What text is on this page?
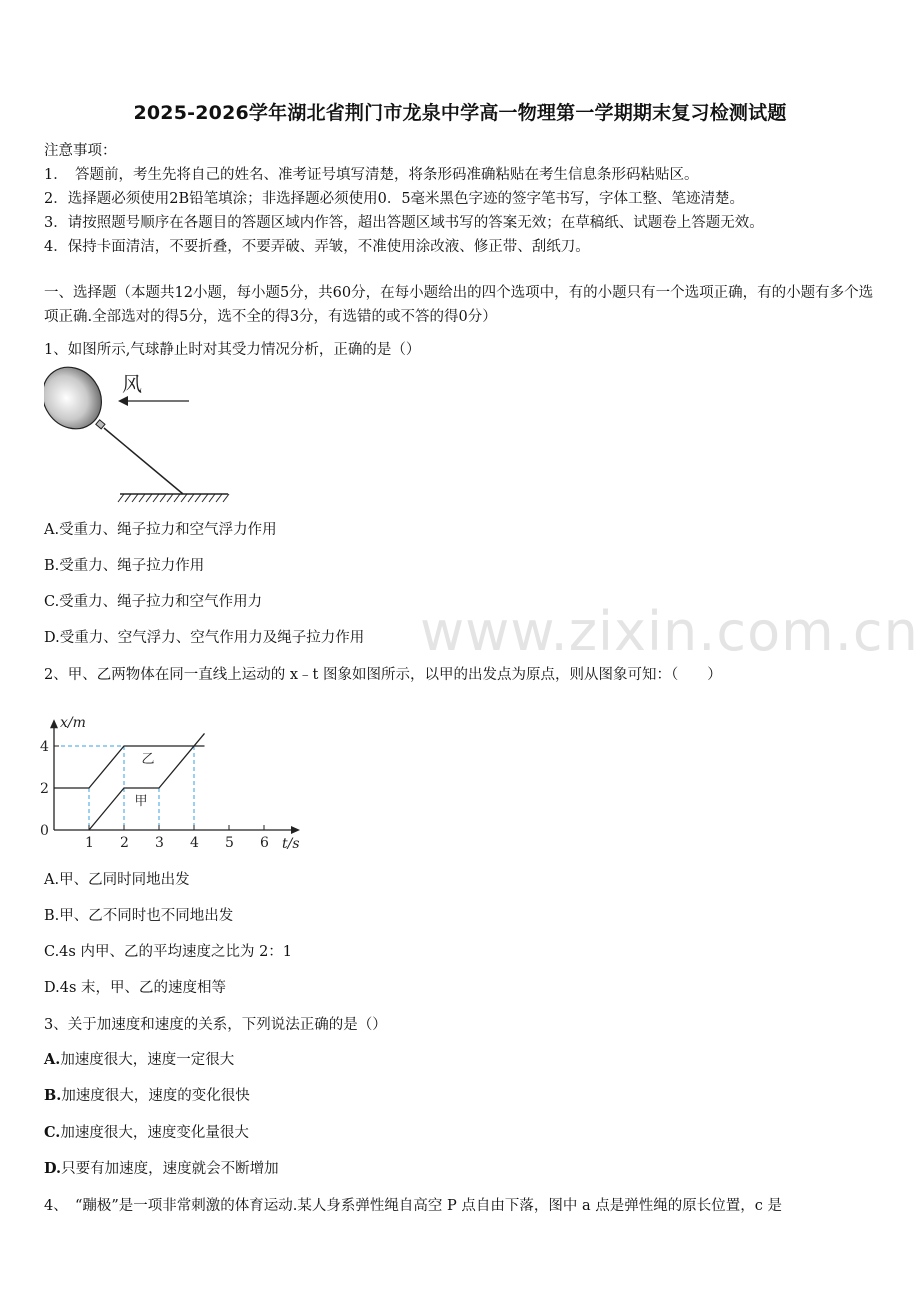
2025-2026学年湖北省荆门市龙泉中学高一物理第一学期期末复习检测试题
注意事项：
1．　答题前，考生先将自己的姓名、准考证号填写清楚，将条形码准确粘贴在考生信息条形码粘贴区。
2．选择题必须使用2B铅笔填涂；非选择题必须使用0．5毫米黑色字迹的签字笔书写，字体工整、笔迹清楚。
3．请按照题号顺序在各题目的答题区域内作答，超出答题区域书写的答案无效；在草稿纸、试题卷上答题无效。
4．保持卡面清洁，不要折叠，不要弄破、弄皱，不准使用涂改液、修正带、刮纸刀。
一、选择题（本题共12小题，每小题5分，共60分，在每小题给出的四个选项中，有的小题只有一个选项正确，有的小题有多个选项正确.全部选对的得5分，选不全的得3分，有选错的或不答的得0分）
1、如图所示,气球静止时对其受力情况分析，正确的是（）
风
A.受重力、绳子拉力和空气浮力作用
B.受重力、绳子拉力作用
C.受重力、绳子拉力和空气作用力
D.受重力、空气浮力、空气作用力及绳子拉力作用
2、甲、乙两物体在同一直线上运动的 x﹣t 图象如图所示，以甲的出发点为原点，则从图象可知：（　　）
乙
甲
t/s
x/m
1 2 3 4 5 6
0
2
4
A.甲、乙同时同地出发
B.甲、乙不同时也不同地出发
C.4s 内甲、乙的平均速度之比为 2：1
D.4s 末，甲、乙的速度相等
3、关于加速度和速度的关系，下列说法正确的是（）
A.加速度很大，速度一定很大
B.加速度很大，速度的变化很快
C.加速度很大，速度变化量很大
D.只要有加速度，速度就会不断增加
4、　“蹦极”是一项非常刺激的体育运动.某人身系弹性绳自高空 P 点自由下落，图中 a 点是弹性绳的原长位置，c 是
www.zixin.com.cn
